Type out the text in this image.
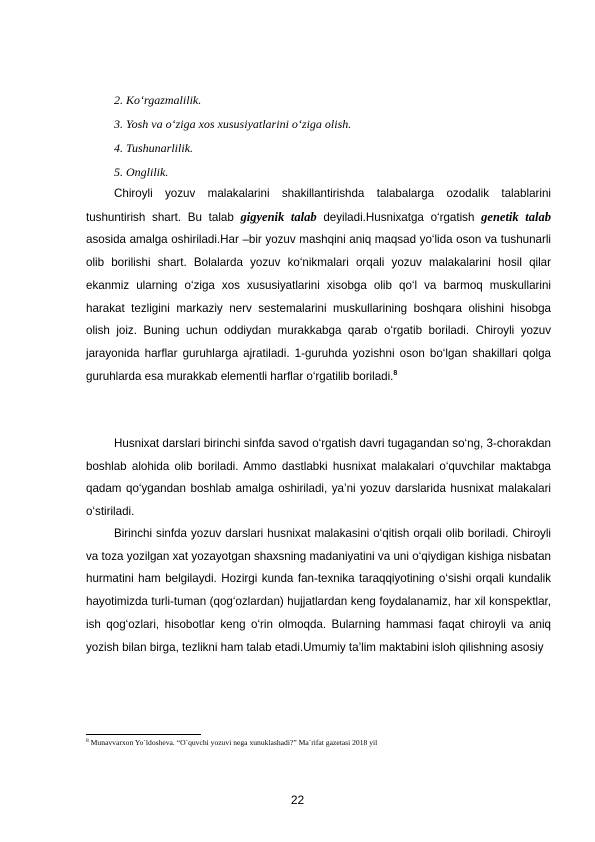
2. Ko‘rgazmalilik.

3. Yosh va o‘ziga xos xususiyatlarini o‘ziga olish.

4. Tushunarlilik.

5. Onglilik.

Chiroyli yozuv malakalarini shakillantirishda talabalarga ozodalik talablarini tushuntirish shart. Bu talab gigyenik talab deyiladi.Husnixatga o‘rgatish genetik talab asosida amalga oshiriladi.Har –bir yozuv mashqini aniq maqsad yo‘lida oson va tushunarli olib borilishi shart. Bolalarda yozuv ko‘nikmalari orqali yozuv malakalarini hosil qilar ekanmiz ularning o‘ziga xos xususiyatlarini xisobga olib qo‘l va barmoq muskullarini harakat tezligini markaziy nerv sestemalarini muskullarining boshqara olishini hisobga olish joiz. Buning uchun oddiydan murakkabga qarab o‘rgatib boriladi. Chiroyli yozuv jarayonida harflar guruhlarga ajratiladi. 1-guruhda yozishni oson bo‘lgan shakillari qolga guruhlarda esa murakkab elementli harflar o‘rgatilib boriladi.$^8$

Husnixat darslari birinchi sinfda savod o‘rgatish davri tugagandan so‘ng, 3-chorakdan boshlab alohida olib boriladi. Ammo dastlabki husnixat malakalari o‘quvchilar maktabga qadam qo‘ygandan boshlab amalga oshiriladi, ya’ni yozuv darslarida husnixat malakalari o‘stiriladi.

Birinchi sinfda yozuv darslari husnixat malakasini o‘qitish orqali olib boriladi. Chiroyli va toza yozilgan xat yozayotgan shaxsning madaniyatini va uni o‘qiydigan kishiga nisbatan hurmatini ham belgilaydi. Hozirgi kunda fan-texnika taraqqiyotining o‘sishi orqali kundalik hayotimizda turli-tuman (qog‘ozlardan) hujjatlardan keng foydalanamiz, har xil konspektlar, ish qog‘ozlari, hisobotlar keng o‘rin olmoqda. Bularning hammasi faqat chiroyli va aniq yozish bilan birga, tezlikni ham talab etadi.Umumiy ta’lim maktabini isloh qilishning asosiy

$^8$ Munavvarxon Yo`ldosheva. “O`quvchi yozuvi nega xunuklashadi?” Ma`rifat gazetasi 2018 yil

22
